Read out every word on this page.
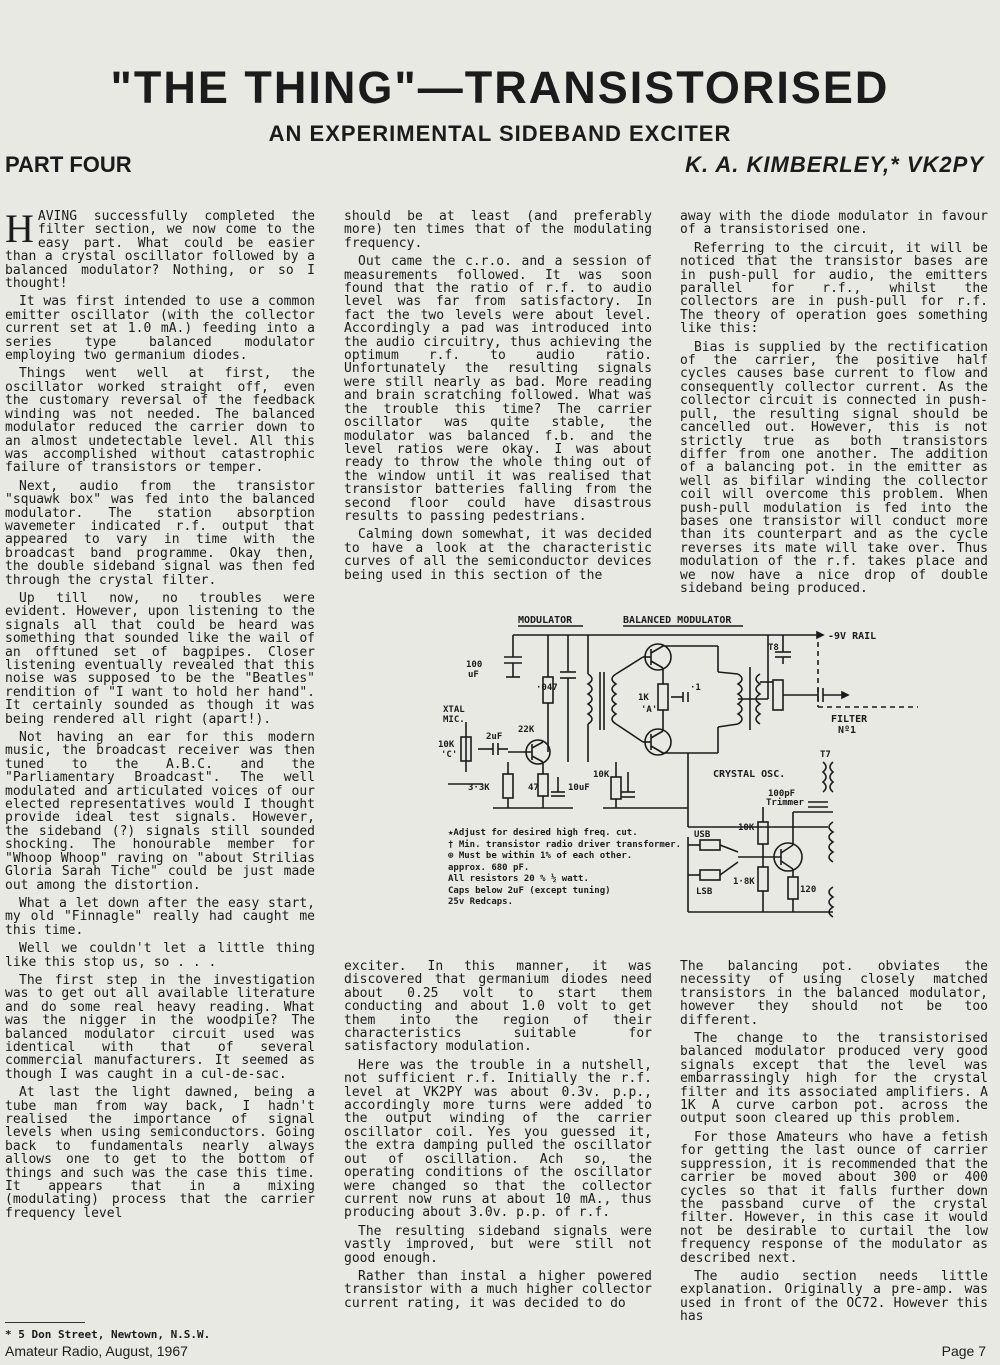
"THE THING"—TRANSISTORISED
AN EXPERIMENTAL SIDEBAND EXCITER
PART FOUR	K. A. KIMBERLEY,* VK2PY

HAVING successfully completed the filter section, we now come to the easy part. What could be easier than a crystal oscillator followed by a balanced modulator? Nothing, or so I thought!

It was first intended to use a common emitter oscillator (with the collector current set at 1.0 mA.) feeding into a series type balanced modulator employing two germanium diodes.

Things went well at first, the oscillator worked straight off, even the customary reversal of the feedback winding was not needed. The balanced modulator reduced the carrier down to an almost undetectable level. All this was accomplished without catastrophic failure of transistors or temper.

Next, audio from the transistor "squawk box" was fed into the balanced modulator. The station absorption wavemeter indicated r.f. output that appeared to vary in time with the broadcast band programme. Okay then, the double sideband signal was then fed through the crystal filter.

Up till now, no troubles were evident. However, upon listening to the signals all that could be heard was something that sounded like the wail of an offtuned set of bagpipes. Closer listening eventually revealed that this noise was supposed to be the "Beatles" rendition of "I want to hold her hand". It certainly sounded as though it was being rendered all right (apart!).

Not having an ear for this modern music, the broadcast receiver was then tuned to the A.B.C. and the "Parliamentary Broadcast". The well modulated and articulated voices of our elected representatives would I thought provide ideal test signals. However, the sideband (?) signals still sounded shocking. The honourable member for "Whoop Whoop" raving on "about Strilias Gloria Sarah Tiche" could be just made out among the distortion.

What a let down after the easy start, my old "Finnagle" really had caught me this time.

Well we couldn't let a little thing like this stop us, so . . .

The first step in the investigation was to get out all available literature and do some real heavy reading. What was the nigger in the woodpile? The balanced modulator circuit used was identical with that of several commercial manufacturers. It seemed as though I was caught in a cul-de-sac.

At last the light dawned, being a tube man from way back, I hadn't realised the importance of signal levels when using semiconductors. Going back to fundamentals nearly always allows one to get to the bottom of things and such was the case this time. It appears that in a mixing (modulating) process that the carrier frequency level

should be at least (and preferably more) ten times that of the modulating frequency.

Out came the c.r.o. and a session of measurements followed. It was soon found that the ratio of r.f. to audio level was far from satisfactory. In fact the two levels were about level. Accordingly a pad was introduced into the audio circuitry, thus achieving the optimum r.f. to audio ratio. Unfortunately the resulting signals were still nearly as bad. More reading and brain scratching followed. What was the trouble this time? The carrier oscillator was quite stable, the modulator was balanced f.b. and the level ratios were okay. I was about ready to throw the whole thing out of the window until it was realised that transistor batteries falling from the second floor could have disastrous results to passing pedestrians.

Calming down somewhat, it was decided to have a look at the characteristic curves of all the semiconductor devices being used in this section of the

away with the diode modulator in favour of a transistorised one.

Referring to the circuit, it will be noticed that the transistor bases are in push-pull for audio, the emitters parallel for r.f., whilst the collectors are in push-pull for r.f. The theory of operation goes something like this:

Bias is supplied by the rectification of the carrier, the positive half cycles causes base current to flow and consequently collector current. As the collector circuit is connected in push-pull, the resulting signal should be cancelled out. However, this is not strictly true as both transistors differ from one another. The addition of a balancing pot. in the emitter as well as bifilar winding the collector coil will overcome this problem. When push-pull modulation is fed into the bases one transistor will conduct more than its counterpart and as the cycle reverses its mate will take over. Thus modulation of the r.f. takes place and we now have a nice drop of double sideband being produced.

MODULATOR	BALANCED MODULATOR
-9V RAIL
100
uF
·047
22K
XTAL
MIC.
10K
'C'
2uF
3·3K	47	10uF
1K
'A'
·1
10K
T8
FILTER
Nº1
T7
CRYSTAL OSC.
100pF
Trimmer
USB
LSB
1·8K
120
10K
★Adjust for desired high freq. cut.
† Min. transistor radio driver transformer.
⊕ Must be within 1% of each other.
approx. 680 pF.
All resistors 20 % ½ watt.
Caps below 2uF (except tuning)
25v Redcaps.

exciter. In this manner, it was discovered that germanium diodes need about 0.25 volt to start them conducting and about 1.0 volt to get them into the region of their characteristics suitable for satisfactory modulation.

Here was the trouble in a nutshell, not sufficient r.f. Initially the r.f. level at VK2PY was about 0.3v. p.p., accordingly more turns were added to the output winding of the carrier oscillator coil. Yes you guessed it, the extra damping pulled the oscillator out of oscillation. Ach so, the operating conditions of the oscillator were changed so that the collector current now runs at about 10 mA., thus producing about 3.0v. p.p. of r.f.

The resulting sideband signals were vastly improved, but were still not good enough.

Rather than instal a higher powered transistor with a much higher collector current rating, it was decided to do

The balancing pot. obviates the necessity of using closely matched transistors in the balanced modulator, however they should not be too different.

The change to the transistorised balanced modulator produced very good signals except that the level was embarrassingly high for the crystal filter and its associated amplifiers. A 1K A curve carbon pot. across the output soon cleared up this problem.

For those Amateurs who have a fetish for getting the last ounce of carrier suppression, it is recommended that the carrier be moved about 300 or 400 cycles so that it falls further down the passband curve of the crystal filter. However, in this case it would not be desirable to curtail the low frequency response of the modulator as described next.

The audio section needs little explanation. Originally a pre-amp. was used in front of the OC72. However this has

* 5 Don Street, Newtown, N.S.W.
Amateur Radio, August, 1967	Page 7
